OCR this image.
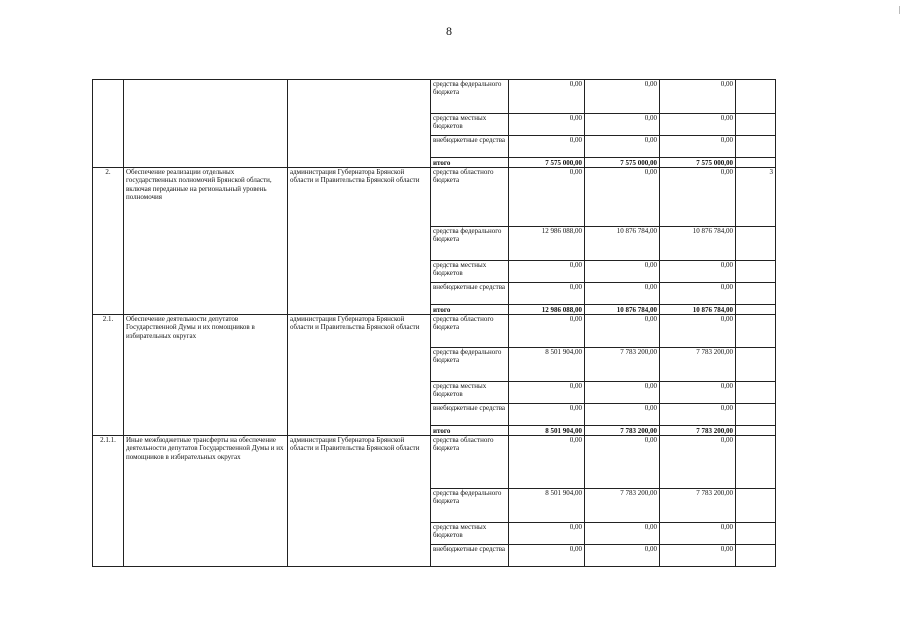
8
			средства федерального бюджета	0,00	0,00	0,00	
			средства местных бюджетов	0,00	0,00	0,00	
			внебюджетные средства	0,00	0,00	0,00	
			итого	7 575 000,00	7 575 000,00	7 575 000,00	
2.	Обеспечение реализации отдельных государственных полномочий Брянской области, включая переданные на региональный уровень полномочия	администрация Губернатора Брянской области и Правительства Брянской области	средства областного бюджета	0,00	0,00	0,00	3
			средства федерального бюджета	12 986 088,00	10 876 784,00	10 876 784,00	
			средства местных бюджетов	0,00	0,00	0,00	
			внебюджетные средства	0,00	0,00	0,00	
			итого	12 986 088,00	10 876 784,00	10 876 784,00	
2.1.	Обеспечение деятельности депутатов Государственной Думы и их помощников в избирательных округах	администрация Губернатора Брянской области и Правительства Брянской области	средства областного бюджета	0,00	0,00	0,00	
			средства федерального бюджета	8 501 904,00	7 783 200,00	7 783 200,00	
			средства местных бюджетов	0,00	0,00	0,00	
			внебюджетные средства	0,00	0,00	0,00	
			итого	8 501 904,00	7 783 200,00	7 783 200,00	
2.1.1.	Иные межбюджетные трансферты на обеспечение деятельности депутатов Государственной Думы и их помощников в избирательных округах	администрация Губернатора Брянской области и Правительства Брянской области	средства областного бюджета	0,00	0,00	0,00	
			средства федерального бюджета	8 501 904,00	7 783 200,00	7 783 200,00	
			средства местных бюджетов	0,00	0,00	0,00	
			внебюджетные средства	0,00	0,00	0,00	
